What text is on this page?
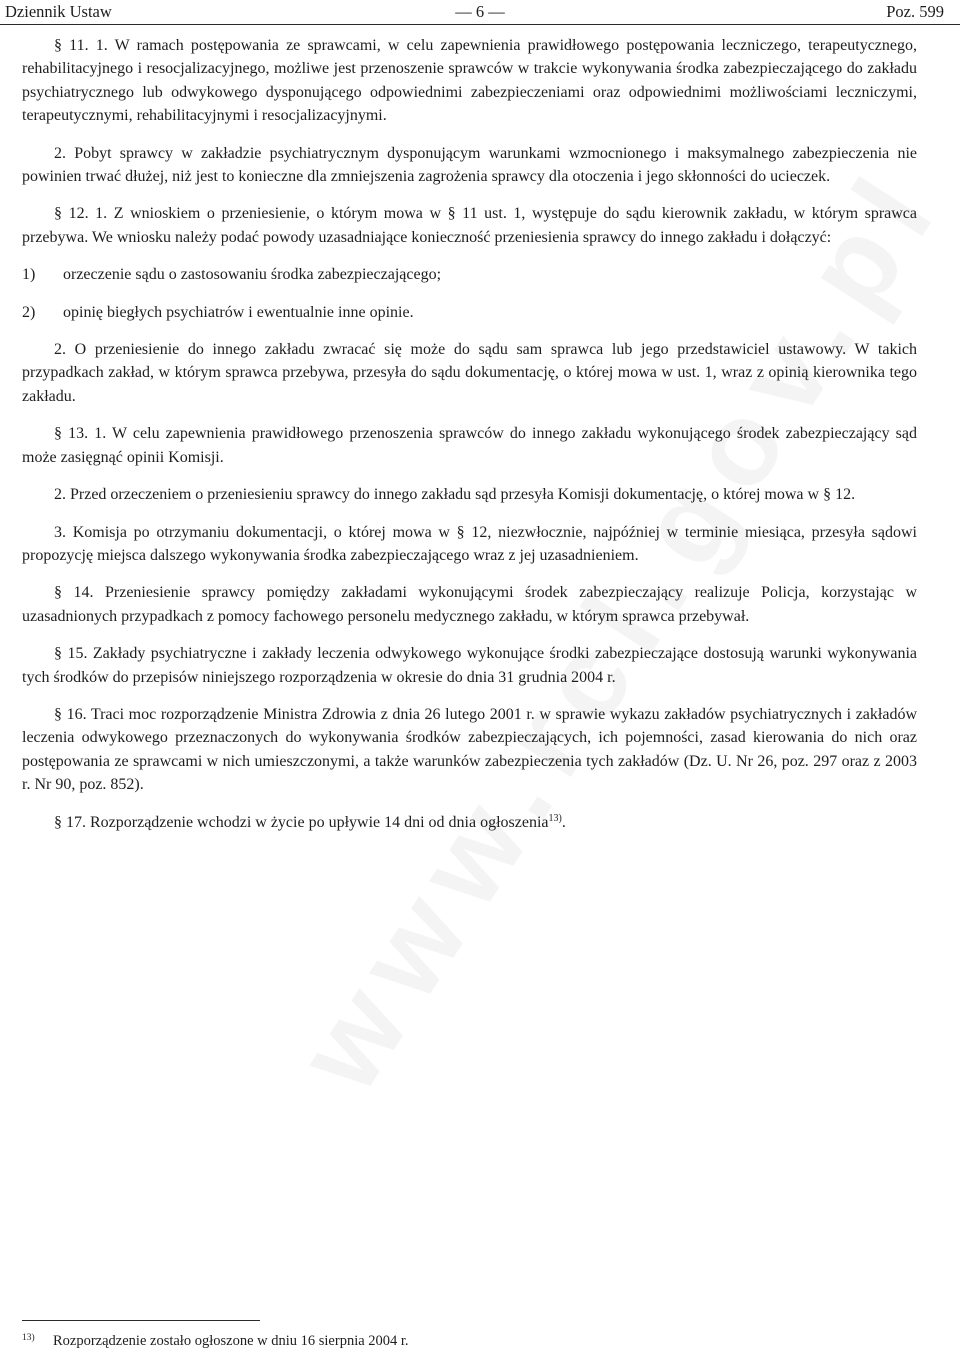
Dziennik Ustaw	— 6 —	Poz. 599

§ 11. 1. W ramach postępowania ze sprawcami, w celu zapewnienia prawidłowego postępowania leczniczego, terapeutycznego, rehabilitacyjnego i resocjalizacyjnego, możliwe jest przenoszenie sprawców w trakcie wykonywania środka zabezpieczającego do zakładu psychiatrycznego lub odwykowego dysponującego odpowiednimi zabezpieczeniami oraz odpowiednimi możliwościami leczniczymi, terapeutycznymi, rehabilitacyjnymi i resocjalizacyjnymi.

2. Pobyt sprawcy w zakładzie psychiatrycznym dysponującym warunkami wzmocnionego i maksymalnego zabezpieczenia nie powinien trwać dłużej, niż jest to konieczne dla zmniejszenia zagrożenia sprawcy dla otoczenia i jego skłonności do ucieczek.

§ 12. 1. Z wnioskiem o przeniesienie, o którym mowa w § 11 ust. 1, występuje do sądu kierownik zakładu, w którym sprawca przebywa. We wniosku należy podać powody uzasadniające konieczność przeniesienia sprawcy do innego zakładu i dołączyć:

1)	orzeczenie sądu o zastosowaniu środka zabezpieczającego;

2)	opinię biegłych psychiatrów i ewentualnie inne opinie.

2. O przeniesienie do innego zakładu zwracać się może do sądu sam sprawca lub jego przedstawiciel ustawowy. W takich przypadkach zakład, w którym sprawca przebywa, przesyła do sądu dokumentację, o której mowa w ust. 1, wraz z opinią kierownika tego zakładu.

§ 13. 1. W celu zapewnienia prawidłowego przenoszenia sprawców do innego zakładu wykonującego środek zabezpieczający sąd może zasięgnąć opinii Komisji.

2. Przed orzeczeniem o przeniesieniu sprawcy do innego zakładu sąd przesyła Komisji dokumentację, o której mowa w § 12.

3. Komisja po otrzymaniu dokumentacji, o której mowa w § 12, niezwłocznie, najpóźniej w terminie miesiąca, przesyła sądowi propozycję miejsca dalszego wykonywania środka zabezpieczającego wraz z jej uzasadnieniem.

§ 14. Przeniesienie sprawcy pomiędzy zakładami wykonującymi środek zabezpieczający realizuje Policja, korzystając w uzasadnionych przypadkach z pomocy fachowego personelu medycznego zakładu, w którym sprawca przebywał.

§ 15. Zakłady psychiatryczne i zakłady leczenia odwykowego wykonujące środki zabezpieczające dostosują warunki wykonywania tych środków do przepisów niniejszego rozporządzenia w okresie do dnia 31 grudnia 2004 r.

§ 16. Traci moc rozporządzenie Ministra Zdrowia z dnia 26 lutego 2001 r. w sprawie wykazu zakładów psychiatrycznych i zakładów leczenia odwykowego przeznaczonych do wykonywania środków zabezpieczających, ich pojemności, zasad kierowania do nich oraz postępowania ze sprawcami w nich umieszczonymi, a także warunków zabezpieczenia tych zakładów (Dz. U. Nr 26, poz. 297 oraz z 2003 r. Nr 90, poz. 852).

§ 17. Rozporządzenie wchodzi w życie po upływie 14 dni od dnia ogłoszenia$^{13)}$.

13)	Rozporządzenie zostało ogłoszone w dniu 16 sierpnia 2004 r.
